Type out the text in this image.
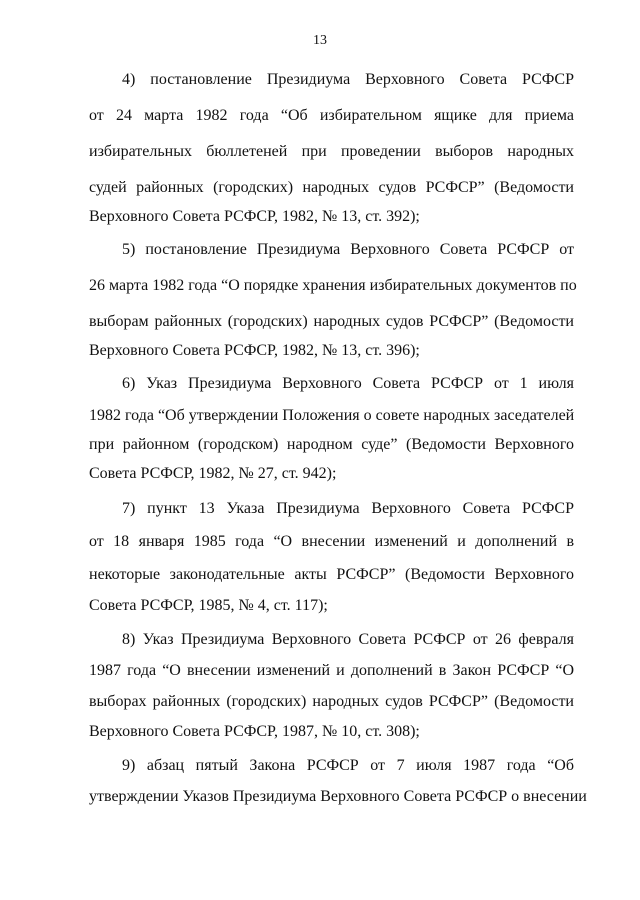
13
4) постановление Президиума Верховного Совета РСФСР
от 24 марта 1982 года “Об избирательном ящике для приема
избирательных бюллетеней при проведении выборов народных
судей районных (городских) народных судов РСФСР” (Ведомости
Верховного Совета РСФСР, 1982, № 13, ст. 392);
5) постановление Президиума Верховного Совета РСФСР от
26 марта 1982 года “О порядке хранения избирательных документов по
выборам районных (городских) народных судов РСФСР” (Ведомости
Верховного Совета РСФСР, 1982, № 13, ст. 396);
6) Указ Президиума Верховного Совета РСФСР от 1 июля
1982 года “Об утверждении Положения о совете народных заседателей
при районном (городском) народном суде” (Ведомости Верховного
Совета РСФСР, 1982, № 27, ст. 942);
7) пункт 13 Указа Президиума Верховного Совета РСФСР
от 18 января 1985 года “О внесении изменений и дополнений в
некоторые законодательные акты РСФСР” (Ведомости Верховного
Совета РСФСР, 1985, № 4, ст. 117);
8) Указ Президиума Верховного Совета РСФСР от 26 февраля
1987 года “О внесении изменений и дополнений в Закон РСФСР “О
выборах районных (городских) народных судов РСФСР” (Ведомости
Верховного Совета РСФСР, 1987, № 10, ст. 308);
9) абзац пятый Закона РСФСР от 7 июля 1987 года “Об
утверждении Указов Президиума Верховного Совета РСФСР о внесении
